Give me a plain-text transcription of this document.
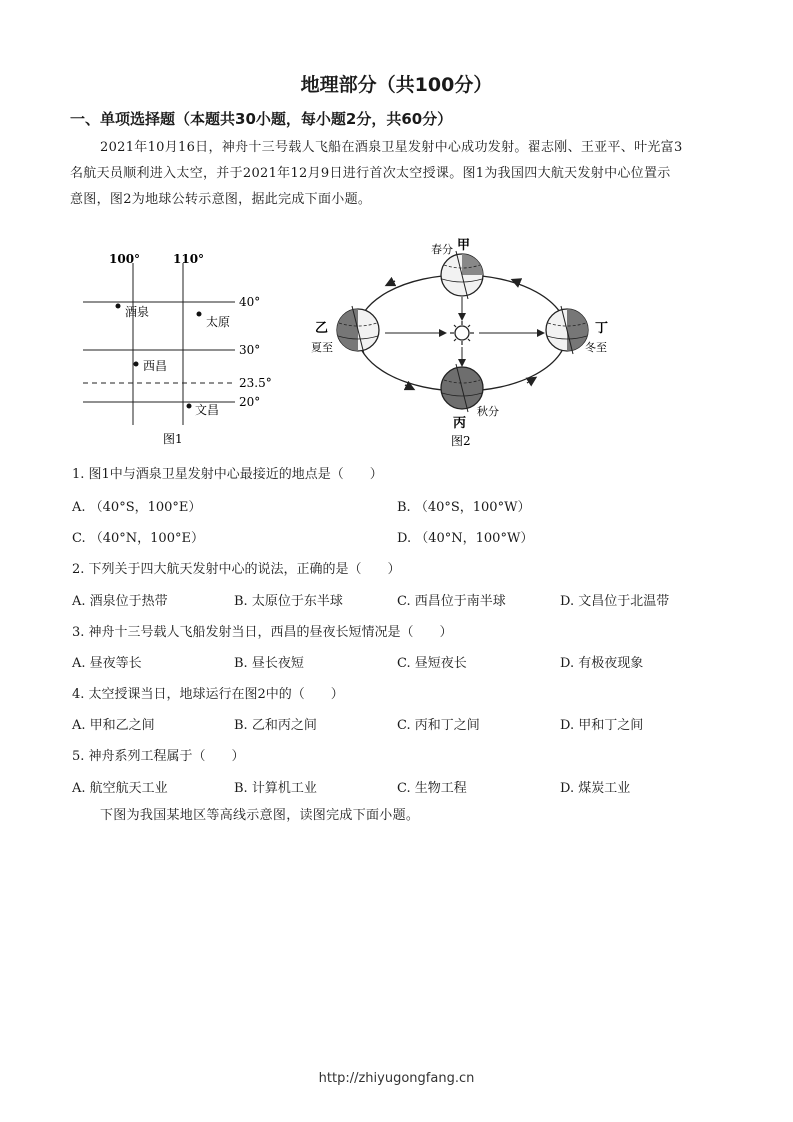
地理部分（共100分）
一、单项选择题（本题共30小题，每小题2分，共60分）
2021年10月16日，神舟十三号载人飞船在酒泉卫星发射中心成功发射。翟志刚、王亚平、叶光富3
名航天员顺利进入太空，并于2021年12月9日进行首次太空授课。图1为我国四大航天发射中心位置示
意图，图2为地球公转示意图，据此完成下面小题。
100°	110°
40°
30°
23.5°
20°
酒泉
太原
西昌
文昌
图1
甲
春分
乙
夏至
丁
冬至
丙
秋分
图2
1. 图1中与酒泉卫星发射中心最接近的地点是（　　）
A. （40°S，100°E）	B. （40°S，100°W）
C. （40°N，100°E）	D. （40°N，100°W）
2. 下列关于四大航天发射中心的说法，正确的是（　　）
A. 酒泉位于热带	B. 太原位于东半球	C. 西昌位于南半球	D. 文昌位于北温带
3. 神舟十三号载人飞船发射当日，西昌的昼夜长短情况是（　　）
A. 昼夜等长	B. 昼长夜短	C. 昼短夜长	D. 有极夜现象
4. 太空授课当日，地球运行在图2中的（　　）
A. 甲和乙之间	B. 乙和丙之间	C. 丙和丁之间	D. 甲和丁之间
5. 神舟系列工程属于（　　）
A. 航空航天工业	B. 计算机工业	C. 生物工程	D. 煤炭工业
下图为我国某地区等高线示意图，读图完成下面小题。
http://zhiyugongfang.cn
